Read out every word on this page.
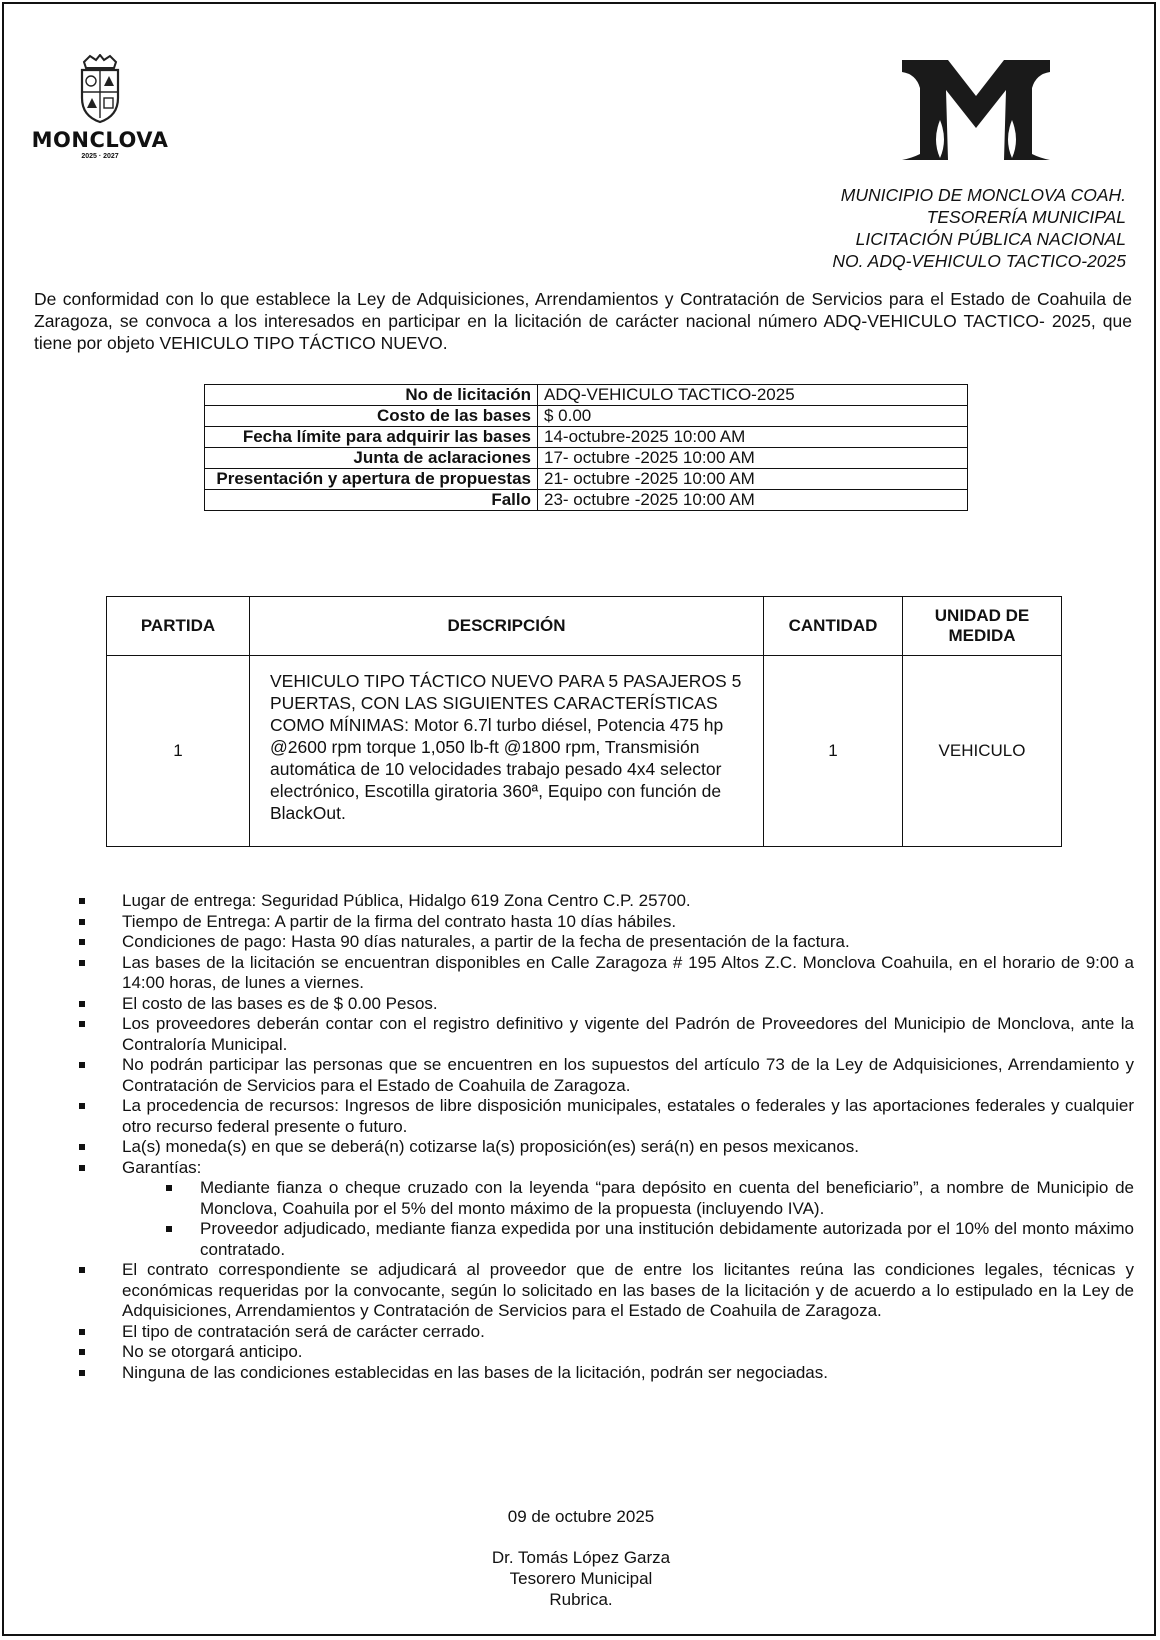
MONCLOVA
2025 · 2027
MUNICIPIO DE MONCLOVA COAH.
TESORERÍA MUNICIPAL
LICITACIÓN PÚBLICA NACIONAL
NO. ADQ-VEHICULO TACTICO-2025
De conformidad con lo que establece la Ley de Adquisiciones, Arrendamientos y Contratación de Servicios para el Estado de Coahuila de Zaragoza, se convoca a los interesados en participar en la licitación de carácter nacional número ADQ-VEHICULO TACTICO- 2025, que tiene por objeto VEHICULO TIPO TÁCTICO NUEVO.
No de licitación	ADQ-VEHICULO TACTICO-2025
Costo de las bases	$ 0.00
Fecha límite para adquirir las bases	14-octubre-2025 10:00 AM
Junta de aclaraciones	17- octubre -2025 10:00 AM
Presentación y apertura de propuestas	21- octubre -2025 10:00 AM
Fallo	23- octubre -2025 10:00 AM
PARTIDA	DESCRIPCIÓN	CANTIDAD	UNIDAD DE MEDIDA
1	VEHICULO TIPO TÁCTICO NUEVO PARA 5 PASAJEROS 5 PUERTAS, CON LAS SIGUIENTES CARACTERÍSTICAS COMO MÍNIMAS: Motor 6.7l turbo diésel, Potencia 475 hp @2600 rpm torque 1,050 lb-ft @1800 rpm, Transmisión automática de 10 velocidades trabajo pesado 4x4 selector electrónico, Escotilla giratoria 360ª, Equipo con función de BlackOut.	1	VEHICULO
Lugar de entrega: Seguridad Pública, Hidalgo 619 Zona Centro C.P. 25700.
Tiempo de Entrega: A partir de la firma del contrato hasta 10 días hábiles.
Condiciones de pago: Hasta 90 días naturales, a partir de la fecha de presentación de la factura.
Las bases de la licitación se encuentran disponibles en Calle Zaragoza # 195 Altos Z.C. Monclova Coahuila, en el horario de 9:00 a 14:00 horas, de lunes a viernes.
El costo de las bases es de $ 0.00 Pesos.
Los proveedores deberán contar con el registro definitivo y vigente del Padrón de Proveedores del Municipio de Monclova, ante la Contraloría Municipal.
No podrán participar las personas que se encuentren en los supuestos del artículo 73 de la Ley de Adquisiciones, Arrendamiento y Contratación de Servicios para el Estado de Coahuila de Zaragoza.
La procedencia de recursos: Ingresos de libre disposición municipales, estatales o federales y las aportaciones federales y cualquier otro recurso federal presente o futuro.
La(s) moneda(s) en que se deberá(n) cotizarse la(s) proposición(es) será(n) en pesos mexicanos.
Garantías:
Mediante fianza o cheque cruzado con la leyenda “para depósito en cuenta del beneficiario”, a nombre de Municipio de Monclova, Coahuila por el 5% del monto máximo de la propuesta (incluyendo IVA).
Proveedor adjudicado, mediante fianza expedida por una institución debidamente autorizada por el 10% del monto máximo contratado.
El contrato correspondiente se adjudicará al proveedor que de entre los licitantes reúna las condiciones legales, técnicas y económicas requeridas por la convocante, según lo solicitado en las bases de la licitación y de acuerdo a lo estipulado en la Ley de Adquisiciones, Arrendamientos y Contratación de Servicios para el Estado de Coahuila de Zaragoza.
El tipo de contratación será de carácter cerrado.
No se otorgará anticipo.
Ninguna de las condiciones establecidas en las bases de la licitación, podrán ser negociadas.
09 de octubre 2025
Dr. Tomás López Garza
Tesorero Municipal
Rubrica.
